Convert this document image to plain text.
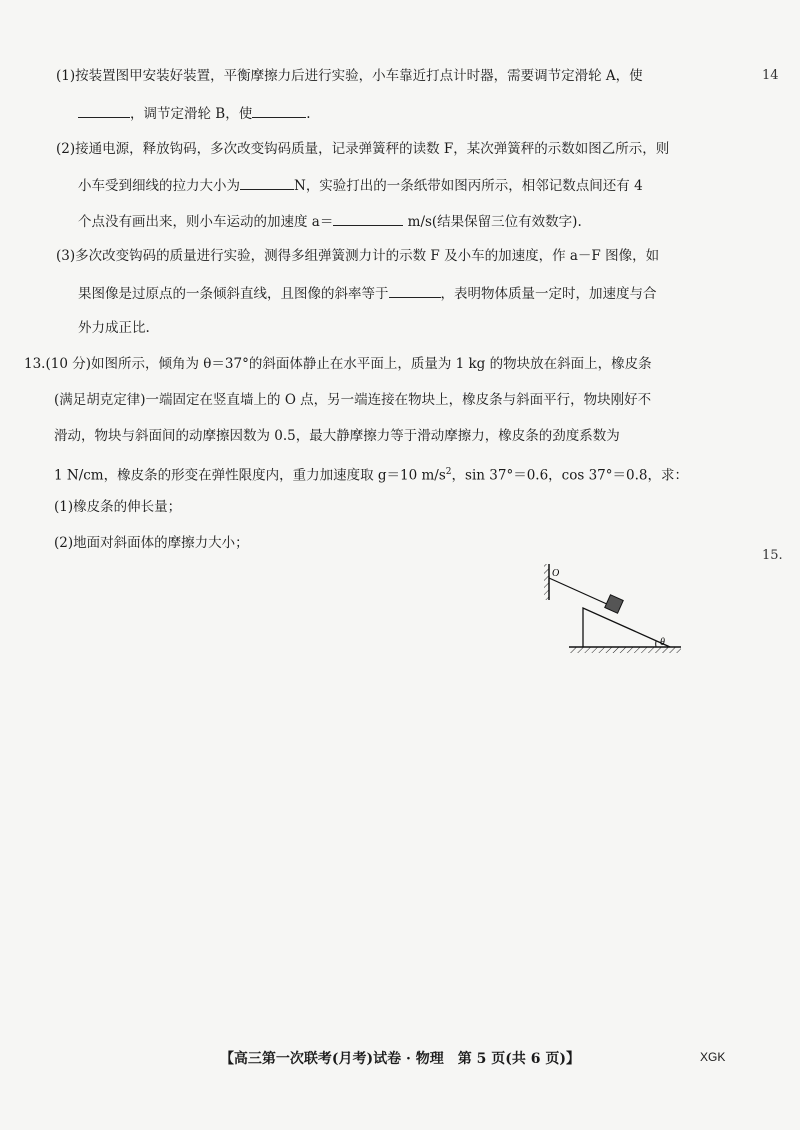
14
15.
(1)按装置图甲安装好装置，平衡摩擦力后进行实验，小车靠近打点计时器，需要调节定滑轮 A，使
，调节定滑轮 B，使	.
(2)接通电源，释放钩码，多次改变钩码质量，记录弹簧秤的读数 F，某次弹簧秤的示数如图乙所示，则
小车受到细线的拉力大小为	N，实验打出的一条纸带如图丙所示，相邻记数点间还有 4
个点没有画出来，则小车运动的加速度 a＝	m/s(结果保留三位有效数字).
(3)多次改变钩码的质量进行实验，测得多组弹簧测力计的示数 F 及小车的加速度，作 a－F 图像，如
果图像是过原点的一条倾斜直线，且图像的斜率等于	，表明物体质量一定时，加速度与合
外力成正比.
13.(10 分)如图所示，倾角为 θ＝37°的斜面体静止在水平面上，质量为 1 kg 的物块放在斜面上，橡皮条
(满足胡克定律)一端固定在竖直墙上的 O 点，另一端连接在物块上，橡皮条与斜面平行，物块刚好不
滑动，物块与斜面间的动摩擦因数为 0.5，最大静摩擦力等于滑动摩擦力，橡皮条的劲度系数为
1 N/cm，橡皮条的形变在弹性限度内，重力加速度取 g＝10 $m/s^2$，sin 37°＝0.6，cos 37°＝0.8，求：
(1)橡皮条的伸长量；
(2)地面对斜面体的摩擦力大小；
O
θ
【高三第一次联考(月考)试卷 · 物理　第 5 页(共 6 页)】	XGK
